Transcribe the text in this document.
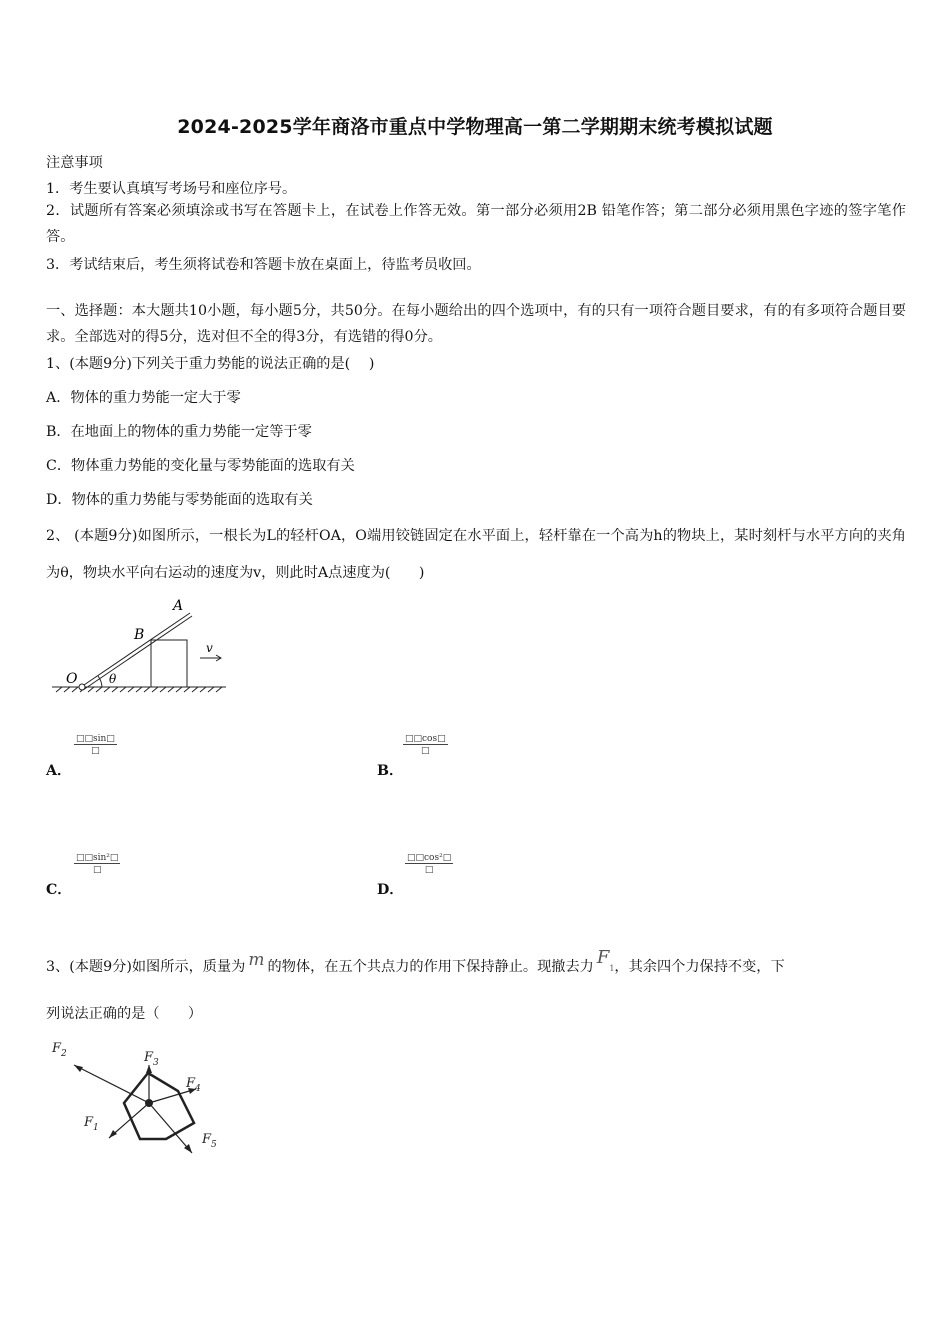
2024-2025学年商洛市重点中学物理高一第二学期期末统考模拟试题
注意事项
1．考生要认真填写考场号和座位序号。
2．试题所有答案必须填涂或书写在答题卡上，在试卷上作答无效。第一部分必须用2B 铅笔作答；第二部分必须用黑色字迹的签字笔作答。
3．考试结束后，考生须将试卷和答题卡放在桌面上，待监考员收回。
一、选择题：本大题共10小题，每小题5分，共50分。在每小题给出的四个选项中，有的只有一项符合题目要求，有的有多项符合题目要求。全部选对的得5分，选对但不全的得3分，有选错的得0分。
1、(本题9分)下列关于重力势能的说法正确的是(　 )
A．物体的重力势能一定大于零
B．在地面上的物体的重力势能一定等于零
C．物体重力势能的变化量与零势能面的选取有关
D．物体的重力势能与零势能面的选取有关
2、 (本题9分)如图所示，一根长为L的轻杆OA，O端用铰链固定在水平面上，轻杆靠在一个高为h的物块上，某时刻杆与水平方向的夹角为θ，物块水平向右运动的速度为v，则此时A点速度为(　　)
A
B
O	θ
v
A．
□□sin□
□
B．
□□cos□
□
C．
□□sin²□
□
D．
□□cos²□
□
3、(本题9分)如图所示，质量为 m 的物体，在五个共点力的作用下保持静止。现撤去力 $F_1$，其余四个力保持不变，下
列说法正确的是（　　）
$F_2$	$F_3$
$F_4$
$F_1$
$F_5$
